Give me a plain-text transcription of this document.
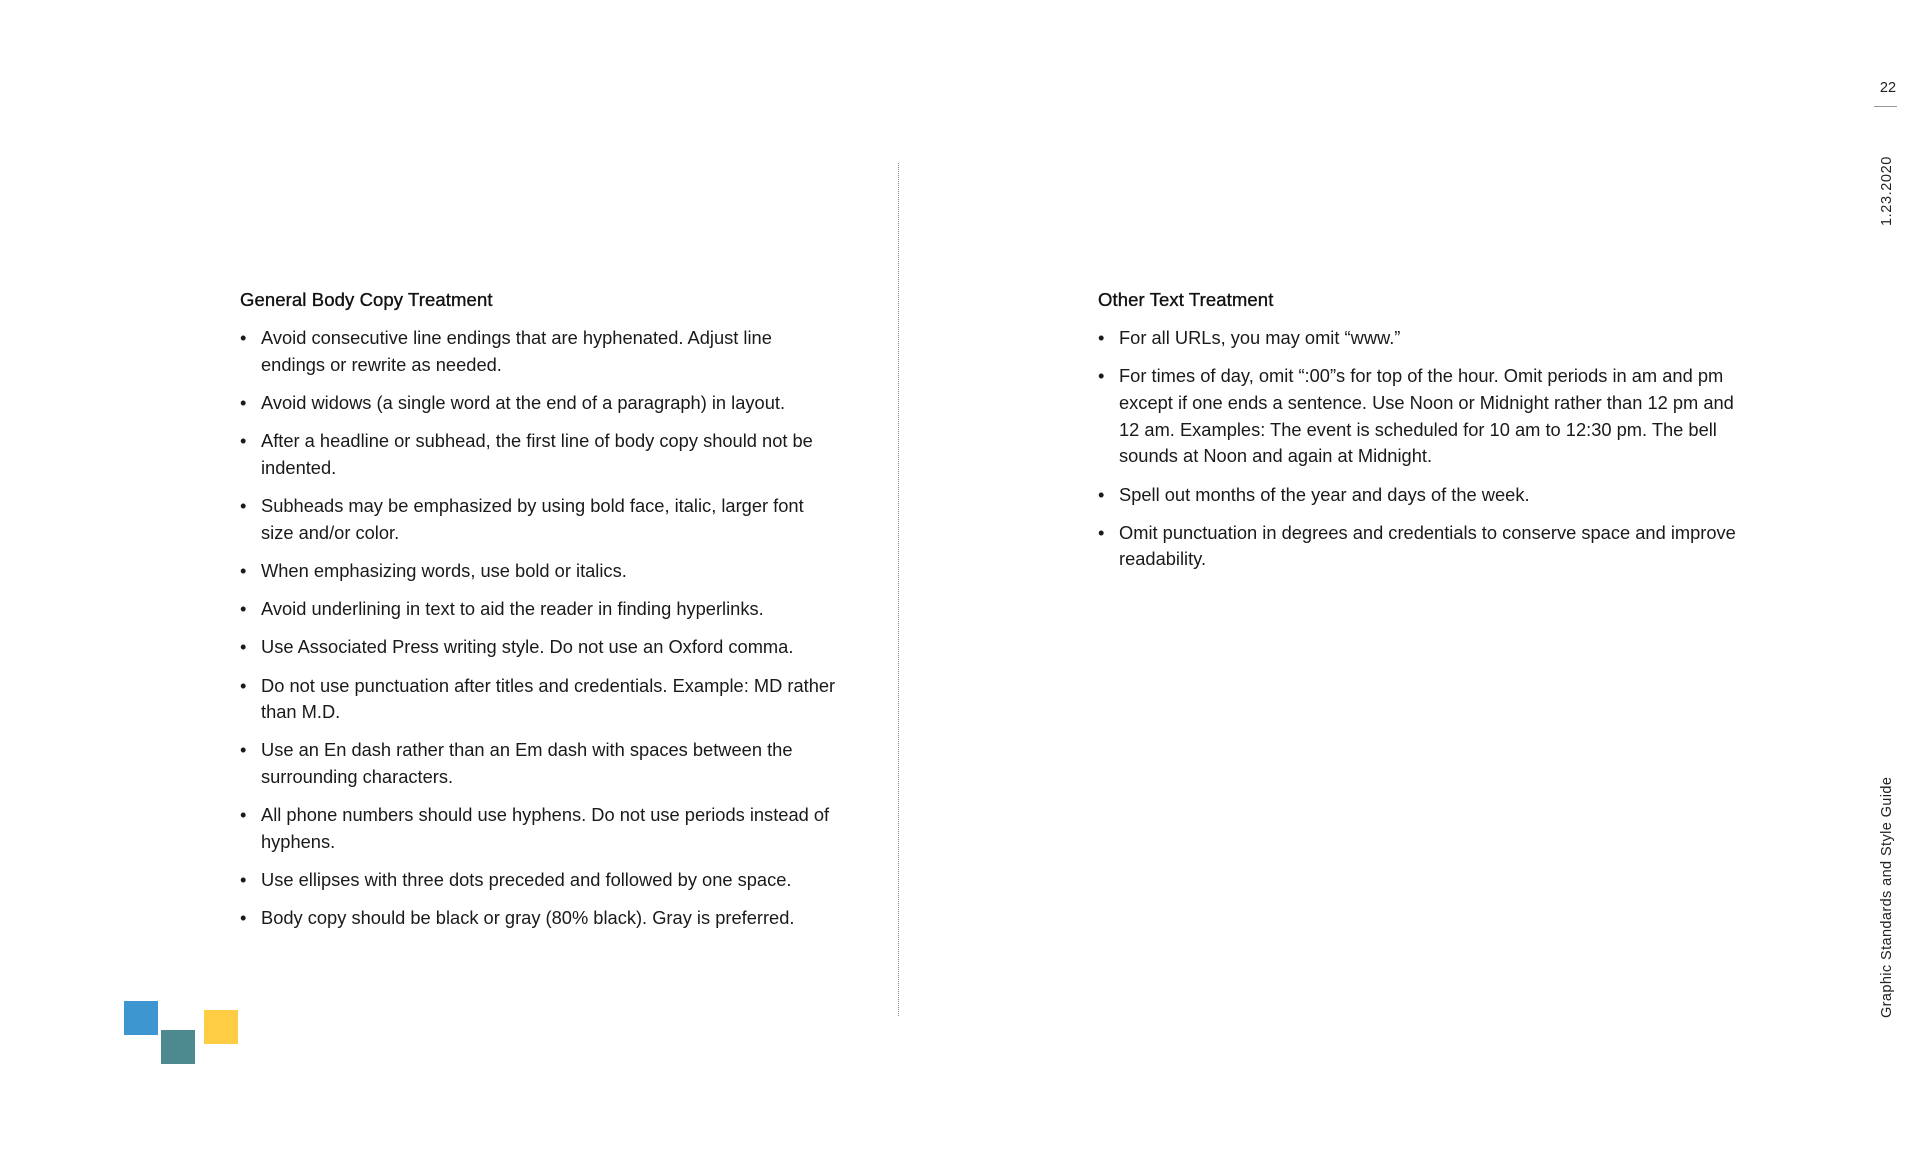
22
1.23.2020
Graphic Standards and Style Guide
General Body Copy Treatment
• Avoid consecutive line endings that are hyphenated. Adjust line endings or rewrite as needed.
• Avoid widows (a single word at the end of a paragraph) in layout.
• After a headline or subhead, the first line of body copy should not be indented.
• Subheads may be emphasized by using bold face, italic, larger font size and/or color.
• When emphasizing words, use bold or italics.
• Avoid underlining in text to aid the reader in finding hyperlinks.
• Use Associated Press writing style. Do not use an Oxford comma.
• Do not use punctuation after titles and credentials. Example: MD rather than M.D.
• Use an En dash rather than an Em dash with spaces between the surrounding characters.
• All phone numbers should use hyphens. Do not use periods instead of hyphens.
• Use ellipses with three dots preceded and followed by one space.
• Body copy should be black or gray (80% black). Gray is preferred.
Other Text Treatment
• For all URLs, you may omit “www.”
• For times of day, omit “:00”s for top of the hour. Omit periods in am and pm except if one ends a sentence. Use Noon or Midnight rather than 12 pm and 12 am. Examples: The event is scheduled for 10 am to 12:30 pm. The bell sounds at Noon and again at Midnight.
• Spell out months of the year and days of the week.
• Omit punctuation in degrees and credentials to conserve space and improve readability.
